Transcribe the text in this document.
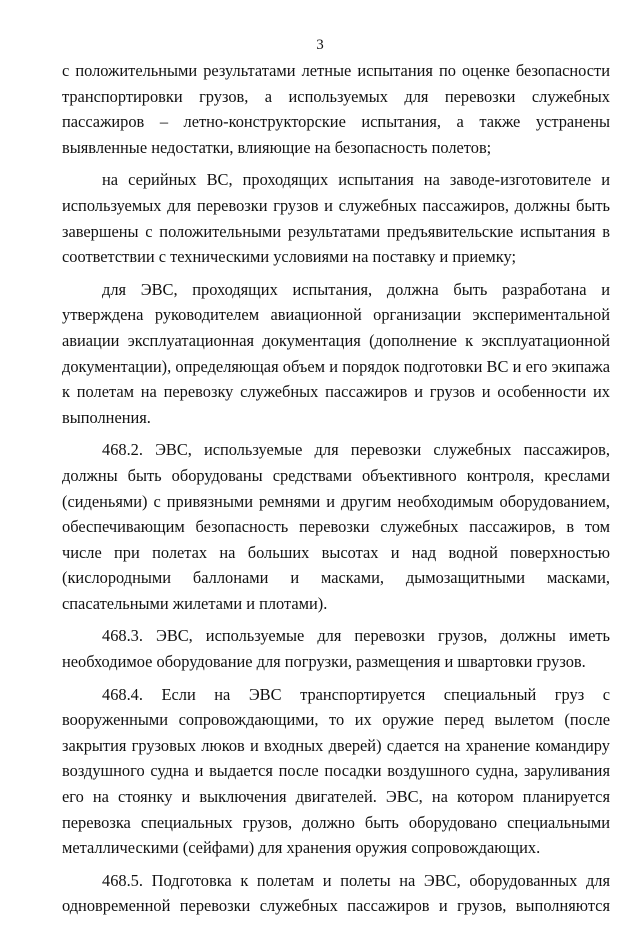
3

с положительными результатами летные испытания по оценке безопасности транспортировки грузов, а используемых для перевозки служебных пассажиров – летно-конструкторские испытания, а также устранены выявленные недостатки, влияющие на безопасность полетов;

на серийных ВС, проходящих испытания на заводе-изготовителе и используемых для перевозки грузов и служебных пассажиров, должны быть завершены с положительными результатами предъявительские испытания в соответствии с техническими условиями на поставку и приемку;

для ЭВС, проходящих испытания, должна быть разработана и утверждена руководителем авиационной организации экспериментальной авиации эксплуатационная документация (дополнение к эксплуатационной документации), определяющая объем и порядок подготовки ВС и его экипажа к полетам на перевозку служебных пассажиров и грузов и особенности их выполнения.

468.2. ЭВС, используемые для перевозки служебных пассажиров, должны быть оборудованы средствами объективного контроля, креслами (сиденьями) с привязными ремнями и другим необходимым оборудованием, обеспечивающим безопасность перевозки служебных пассажиров, в том числе при полетах на больших высотах и над водной поверхностью (кислородными баллонами и масками, дымозащитными масками, спасательными жилетами и плотами).

468.3. ЭВС, используемые для перевозки грузов, должны иметь необходимое оборудование для погрузки, размещения и швартовки грузов.

468.4. Если на ЭВС транспортируется специальный груз с вооруженными сопровождающими, то их оружие перед вылетом (после закрытия грузовых люков и входных дверей) сдается на хранение командиру воздушного судна и выдается после посадки воздушного судна, заруливания его на стоянку и выключения двигателей. ЭВС, на котором планируется перевозка специальных грузов, должно быть оборудовано специальными металлическими (сейфами) для хранения оружия сопровождающих.

468.5. Подготовка к полетам и полеты на ЭВС, оборудованных для одновременной перевозки служебных пассажиров и грузов, выполняются
